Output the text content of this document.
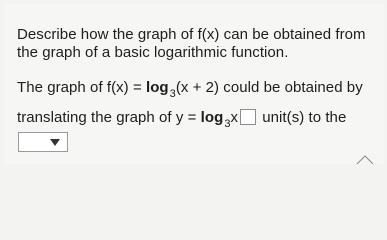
Describe how the graph of f(x) can be obtained from
the graph of a basic logarithmic function.
The graph of $f(x) = \log_3(x + 2)$ could be obtained by
translating the graph of $y = \log_3x$ unit(s) to the
